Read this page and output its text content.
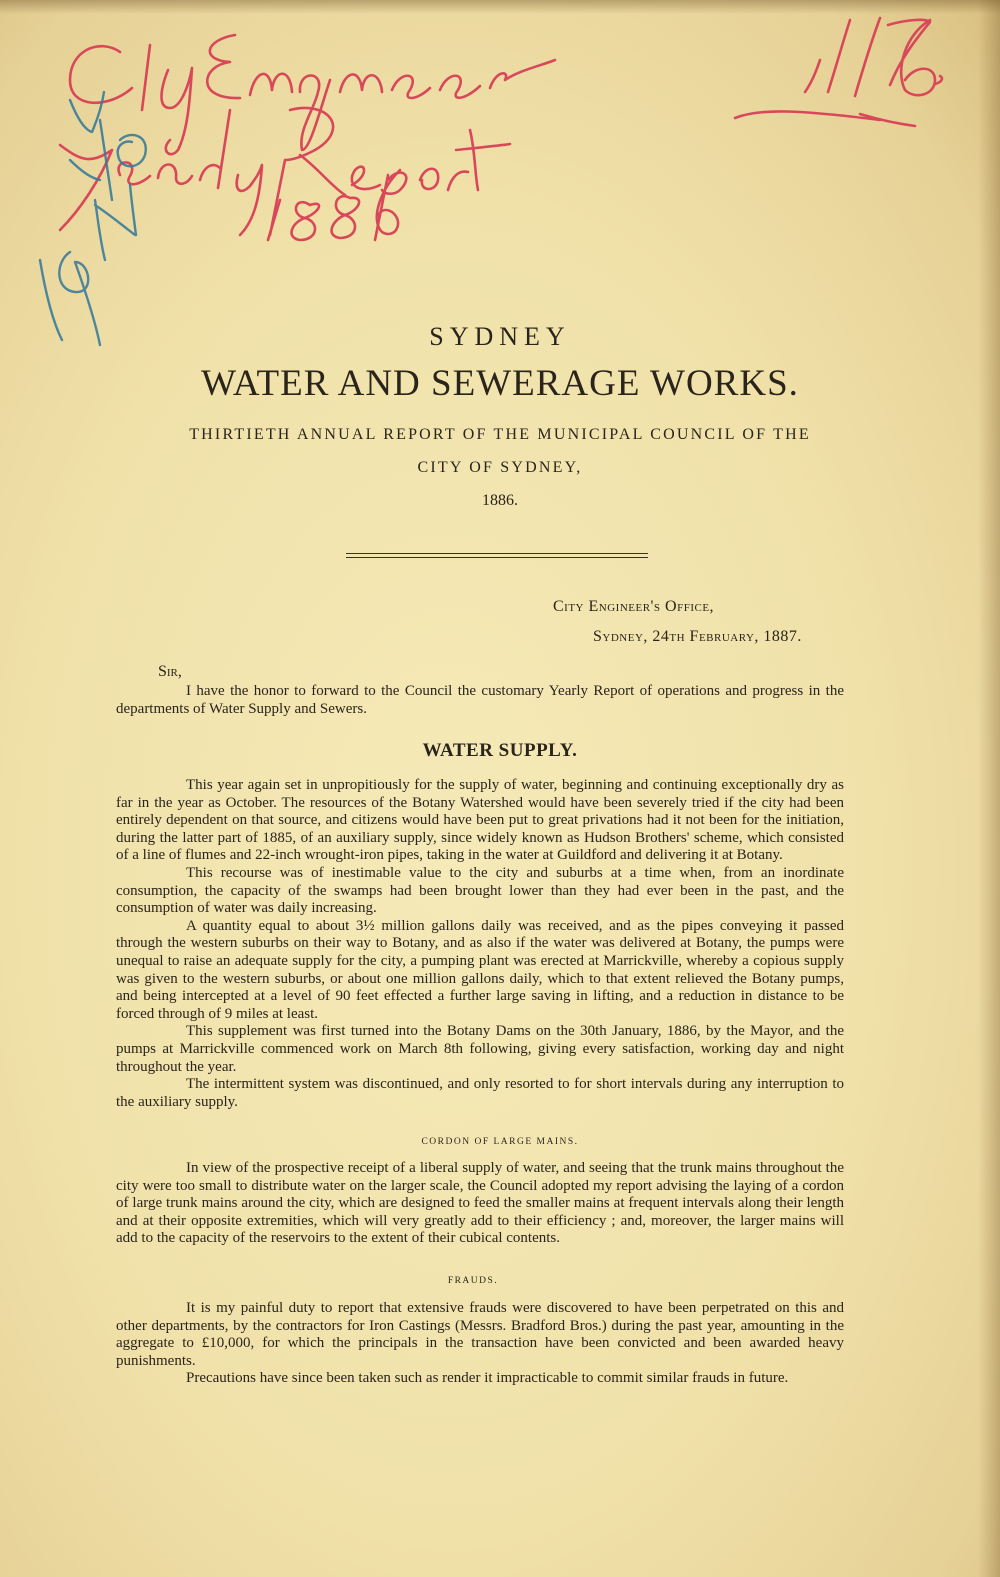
SYDNEY
WATER AND SEWERAGE WORKS.
THIRTIETH ANNUAL REPORT OF THE MUNICIPAL COUNCIL OF THE
CITY OF SYDNEY,
1886.
City Engineer's Office,
Sydney, 24th February, 1887.
Sir,
I have the honor to forward to the Council the customary Yearly Report of operations and progress in the departments of Water Supply and Sewers.
WATER SUPPLY.

This year again set in unpropitiously for the supply of water, beginning and continuing exceptionally dry as far in the year as October. The resources of the Botany Watershed would have been severely tried if the city had been entirely dependent on that source, and citizens would have been put to great privations had it not been for the initiation, during the latter part of 1885, of an auxiliary supply, since widely known as Hudson Brothers' scheme, which consisted of a line of flumes and 22-inch wrought-iron pipes, taking in the water at Guildford and delivering it at Botany.

This recourse was of inestimable value to the city and suburbs at a time when, from an inordinate consumption, the capacity of the swamps had been brought lower than they had ever been in the past, and the consumption of water was daily increasing.

A quantity equal to about 3½ million gallons daily was received, and as the pipes conveying it passed through the western suburbs on their way to Botany, and as also if the water was delivered at Botany, the pumps were unequal to raise an adequate supply for the city, a pumping plant was erected at Marrickville, whereby a copious supply was given to the western suburbs, or about one million gallons daily, which to that extent relieved the Botany pumps, and being intercepted at a level of 90 feet effected a further large saving in lifting, and a reduction in distance to be forced through of 9 miles at least.

This supplement was first turned into the Botany Dams on the 30th January, 1886, by the Mayor, and the pumps at Marrickville commenced work on March 8th following, giving every satisfaction, working day and night throughout the year.

The intermittent system was discontinued, and only resorted to for short intervals during any interruption to the auxiliary supply.

CORDON OF LARGE MAINS.

In view of the prospective receipt of a liberal supply of water, and seeing that the trunk mains throughout the city were too small to distribute water on the larger scale, the Council adopted my report advising the laying of a cordon of large trunk mains around the city, which are designed to feed the smaller mains at frequent intervals along their length and at their opposite extremities, which will very greatly add to their efficiency ; and, moreover, the larger mains will add to the capacity of the reservoirs to the extent of their cubical contents.

FRAUDS.

It is my painful duty to report that extensive frauds were discovered to have been perpetrated on this and other departments, by the contractors for Iron Castings (Messrs. Bradford Bros.) during the past year, amounting in the aggregate to £10,000, for which the principals in the transaction have been convicted and been awarded heavy punishments.

Precautions have since been taken such as render it impracticable to commit similar frauds in future.
